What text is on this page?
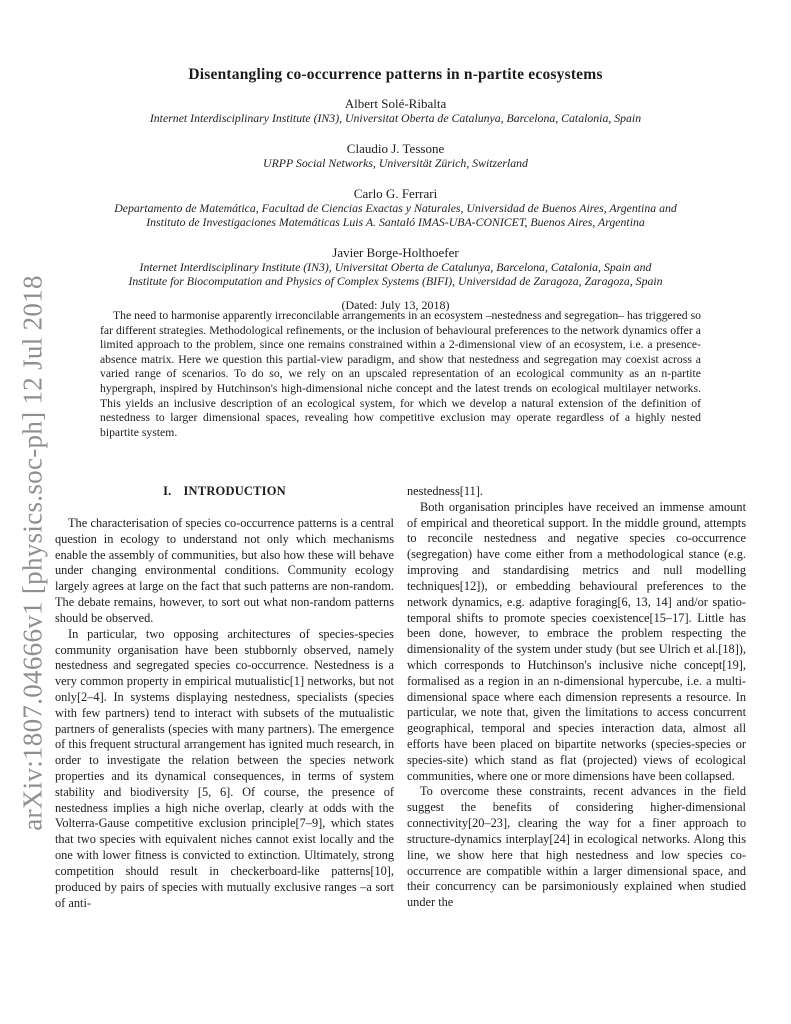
arXiv:1807.04666v1 [physics.soc-ph] 12 Jul 2018
Disentangling co-occurrence patterns in n-partite ecosystems
Albert Solé-Ribalta
Internet Interdisciplinary Institute (IN3), Universitat Oberta de Catalunya, Barcelona, Catalonia, Spain
Claudio J. Tessone
URPP Social Networks, Universität Zürich, Switzerland
Carlo G. Ferrari
Departamento de Matemática, Facultad de Ciencias Exactas y Naturales, Universidad de Buenos Aires, Argentina and
Instituto de Investigaciones Matemáticas Luis A. Santaló IMAS-UBA-CONICET, Buenos Aires, Argentina
Javier Borge-Holthoefer
Internet Interdisciplinary Institute (IN3), Universitat Oberta de Catalunya, Barcelona, Catalonia, Spain and
Institute for Biocomputation and Physics of Complex Systems (BIFI), Universidad de Zaragoza, Zaragoza, Spain
(Dated: July 13, 2018)
The need to harmonise apparently irreconcilable arrangements in an ecosystem –nestedness and segregation– has triggered so far different strategies. Methodological refinements, or the inclusion of behavioural preferences to the network dynamics offer a limited approach to the problem, since one remains constrained within a 2-dimensional view of an ecosystem, i.e. a presence-absence matrix. Here we question this partial-view paradigm, and show that nestedness and segregation may coexist across a varied range of scenarios. To do so, we rely on an upscaled representation of an ecological community as an n-partite hypergraph, inspired by Hutchinson's high-dimensional niche concept and the latest trends on ecological multilayer networks. This yields an inclusive description of an ecological system, for which we develop a natural extension of the definition of nestedness to larger dimensional spaces, revealing how competitive exclusion may operate regardless of a highly nested bipartite system.
I. INTRODUCTION

The characterisation of species co-occurrence patterns is a central question in ecology to understand not only which mechanisms enable the assembly of communities, but also how these will behave under changing environmental conditions. Community ecology largely agrees at large on the fact that such patterns are non-random. The debate remains, however, to sort out what non-random patterns should be observed.

In particular, two opposing architectures of species-species community organisation have been stubbornly observed, namely nestedness and segregated species co-occurrence. Nestedness is a very common property in empirical mutualistic[1] networks, but not only[2–4]. In systems displaying nestedness, specialists (species with few partners) tend to interact with subsets of the mutualistic partners of generalists (species with many partners). The emergence of this frequent structural arrangement has ignited much research, in order to investigate the relation between the species network properties and its dynamical consequences, in terms of system stability and biodiversity [5, 6]. Of course, the presence of nestedness implies a high niche overlap, clearly at odds with the Volterra-Gause competitive exclusion principle[7–9], which states that two species with equivalent niches cannot exist locally and the one with lower fitness is convicted to extinction. Ultimately, strong competition should result in checkerboard-like patterns[10], produced by pairs of species with mutually exclusive ranges –a sort of anti-

nestedness[11].

Both organisation principles have received an immense amount of empirical and theoretical support. In the middle ground, attempts to reconcile nestedness and negative species co-occurrence (segregation) have come either from a methodological stance (e.g. improving and standardising metrics and null modelling techniques[12]), or embedding behavioural preferences to the network dynamics, e.g. adaptive foraging[6, 13, 14] and/or spatio-temporal shifts to promote species coexistence[15–17]. Little has been done, however, to embrace the problem respecting the dimensionality of the system under study (but see Ulrich et al.[18]), which corresponds to Hutchinson's inclusive niche concept[19], formalised as a region in an n-dimensional hypercube, i.e. a multi-dimensional space where each dimension represents a resource. In particular, we note that, given the limitations to access concurrent geographical, temporal and species interaction data, almost all efforts have been placed on bipartite networks (species-species or species-site) which stand as flat (projected) views of ecological communities, where one or more dimensions have been collapsed.

To overcome these constraints, recent advances in the field suggest the benefits of considering higher-dimensional connectivity[20–23], clearing the way for a finer approach to structure-dynamics interplay[24] in ecological networks. Along this line, we show here that high nestedness and low species co-occurrence are compatible within a larger dimensional space, and their concurrency can be parsimoniously explained when studied under the
